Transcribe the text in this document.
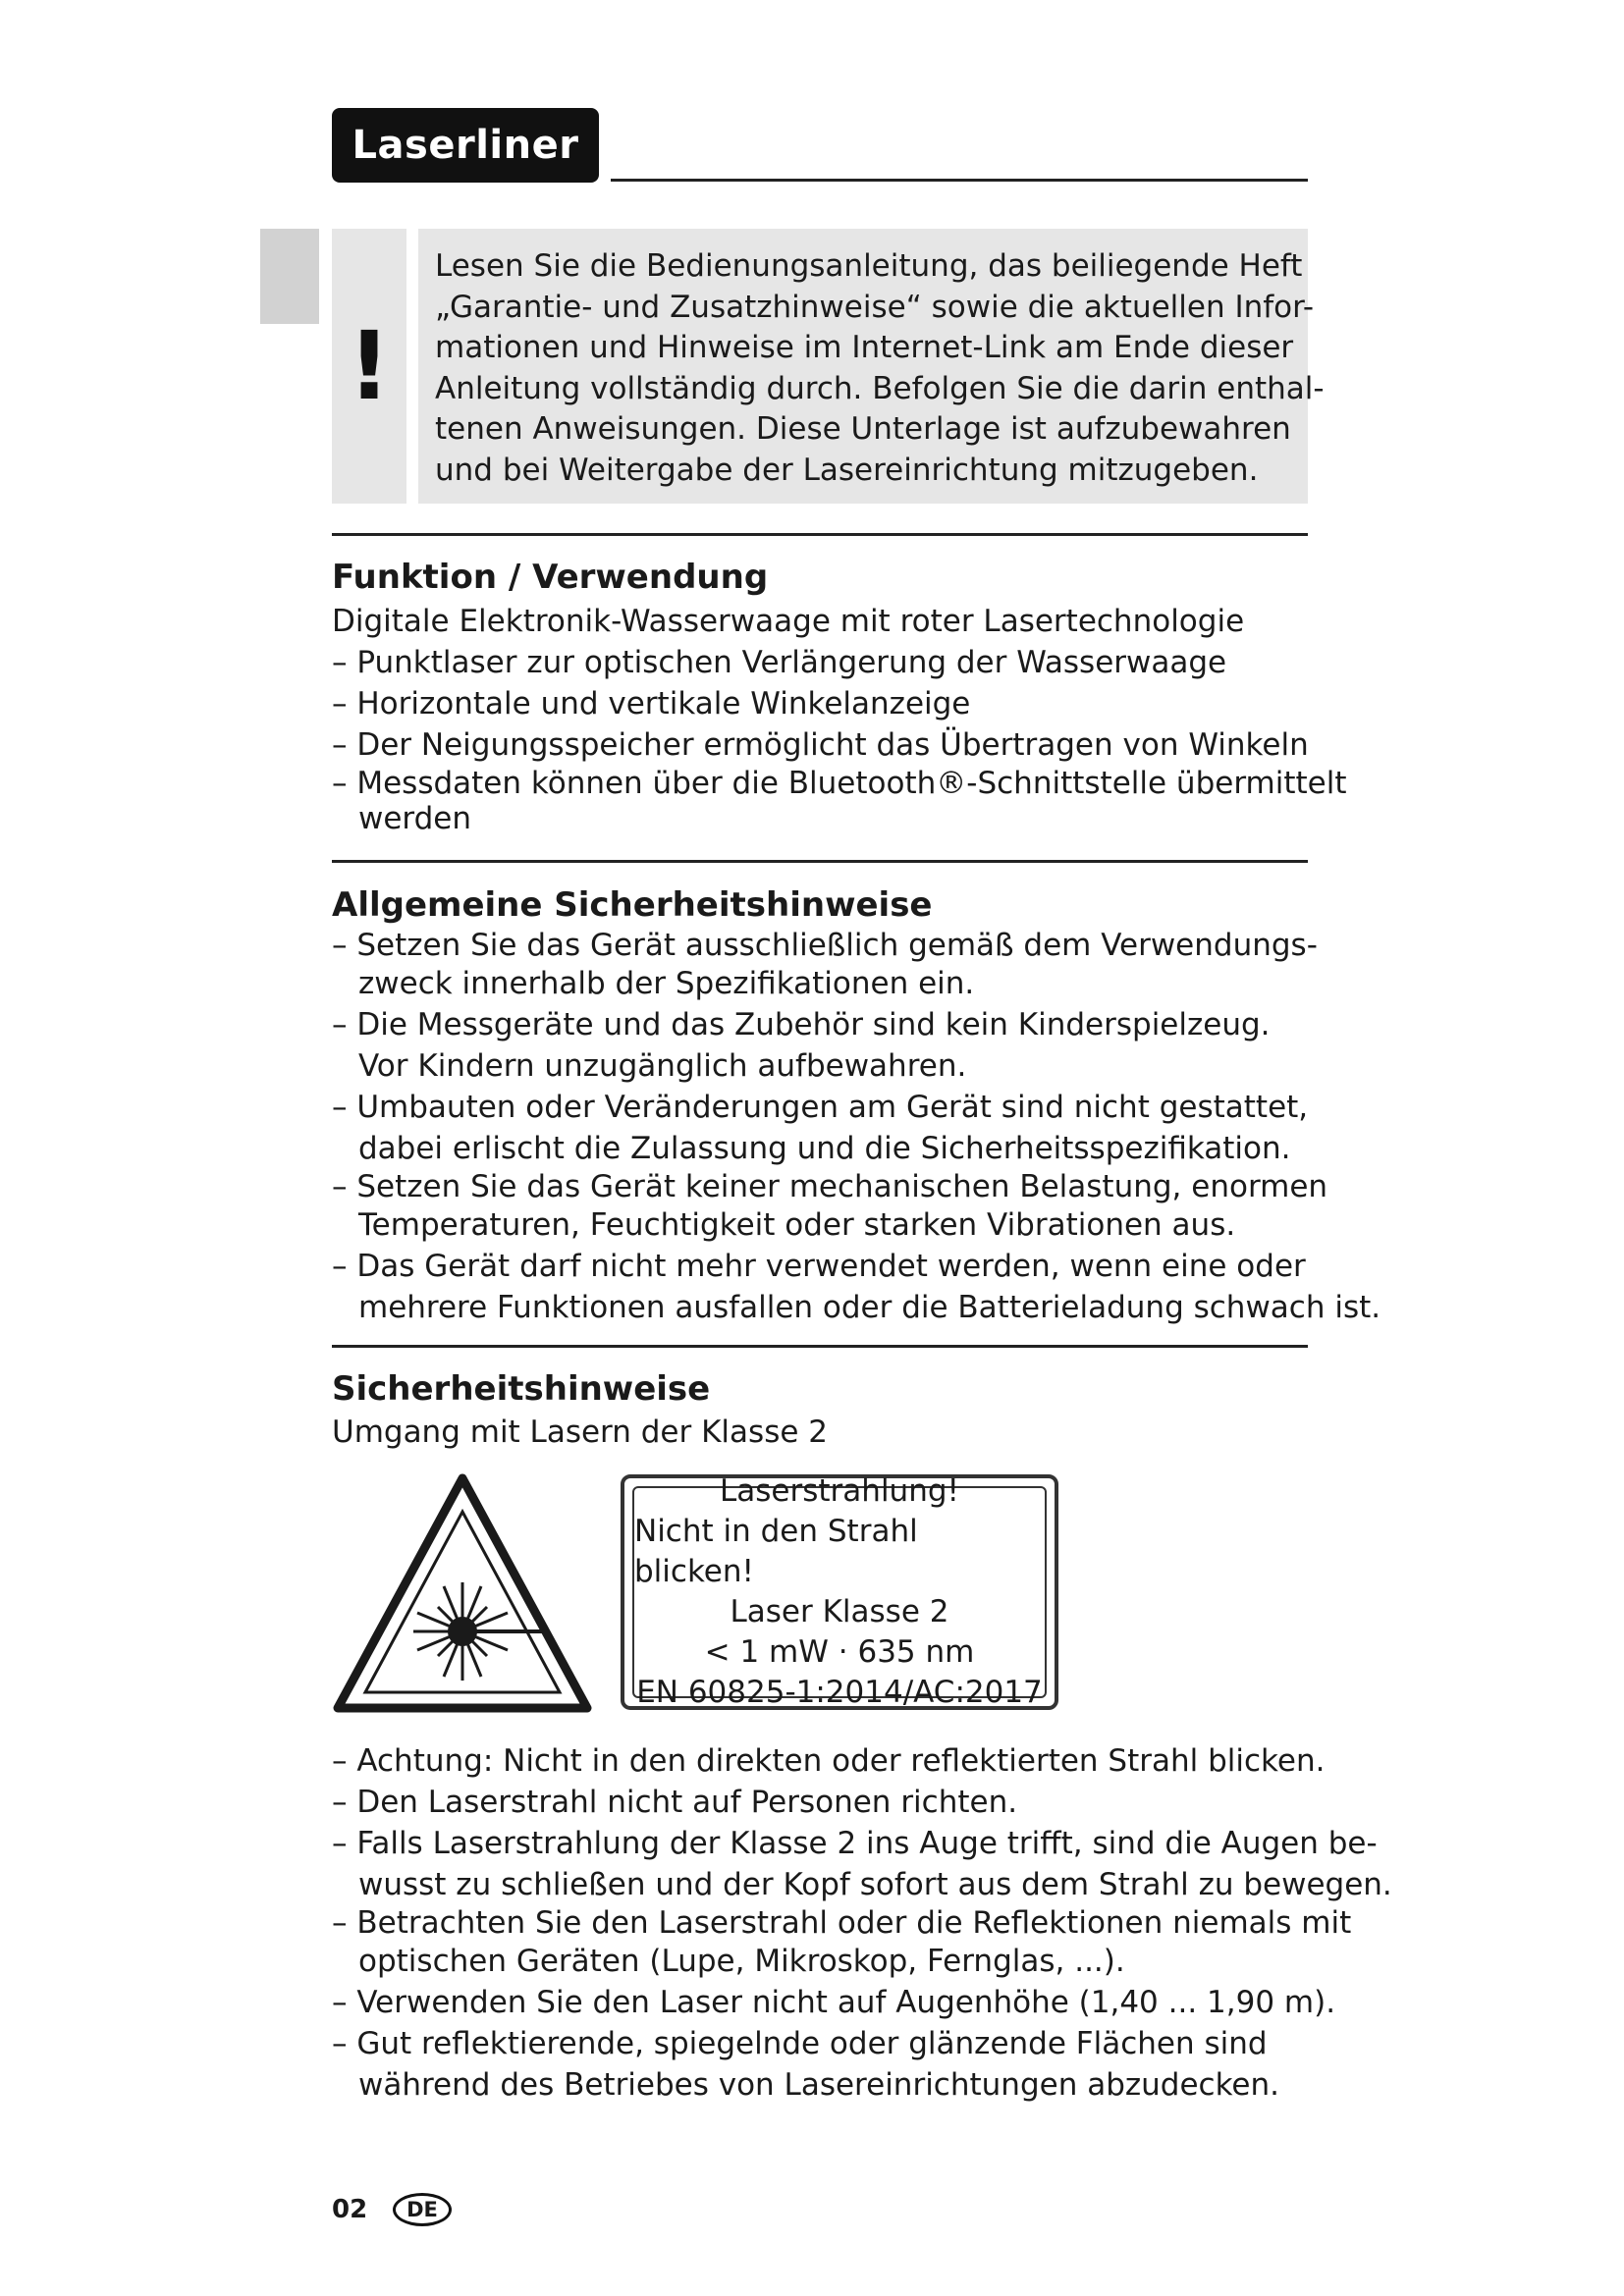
Laserliner
!
Lesen Sie die Bedienungsanleitung, das beiliegende Heft
„Garantie- und Zusatzhinweise“ sowie die aktuellen Infor-
mationen und Hinweise im Internet-Link am Ende dieser
Anleitung vollständig durch. Befolgen Sie die darin enthal-
tenen Anweisungen. Diese Unterlage ist aufzubewahren
und bei Weitergabe der Lasereinrichtung mitzugeben.
Funktion / Verwendung
Digitale Elektronik-Wasserwaage mit roter Lasertechnologie
– Punktlaser zur optischen Verlängerung der Wasserwaage
– Horizontale und vertikale Winkelanzeige
– Der Neigungsspeicher ermöglicht das Übertragen von Winkeln
– Messdaten können über die Bluetooth®-Schnittstelle übermittelt
werden
Allgemeine Sicherheitshinweise
– Setzen Sie das Gerät ausschließlich gemäß dem Verwendungs-
zweck innerhalb der Spezifikationen ein.
– Die Messgeräte und das Zubehör sind kein Kinderspielzeug.
Vor Kindern unzugänglich aufbewahren.
– Umbauten oder Veränderungen am Gerät sind nicht gestattet,
dabei erlischt die Zulassung und die Sicherheitsspezifikation.
– Setzen Sie das Gerät keiner mechanischen Belastung, enormen
Temperaturen, Feuchtigkeit oder starken Vibrationen aus.
– Das Gerät darf nicht mehr verwendet werden, wenn eine oder
mehrere Funktionen ausfallen oder die Batterieladung schwach ist.
Sicherheitshinweise
Umgang mit Lasern der Klasse 2
Laserstrahlung!
Nicht in den Strahl blicken!
Laser Klasse 2
< 1 mW · 635 nm
EN 60825-1:2014/AC:2017
– Achtung: Nicht in den direkten oder reflektierten Strahl blicken.
– Den Laserstrahl nicht auf Personen richten.
– Falls Laserstrahlung der Klasse 2 ins Auge trifft, sind die Augen be-
wusst zu schließen und der Kopf sofort aus dem Strahl zu bewegen.
– Betrachten Sie den Laserstrahl oder die Reflektionen niemals mit
optischen Geräten (Lupe, Mikroskop, Fernglas, ...).
– Verwenden Sie den Laser nicht auf Augenhöhe (1,40 ... 1,90 m).
– Gut reflektierende, spiegelnde oder glänzende Flächen sind
während des Betriebes von Lasereinrichtungen abzudecken.
02	DE
